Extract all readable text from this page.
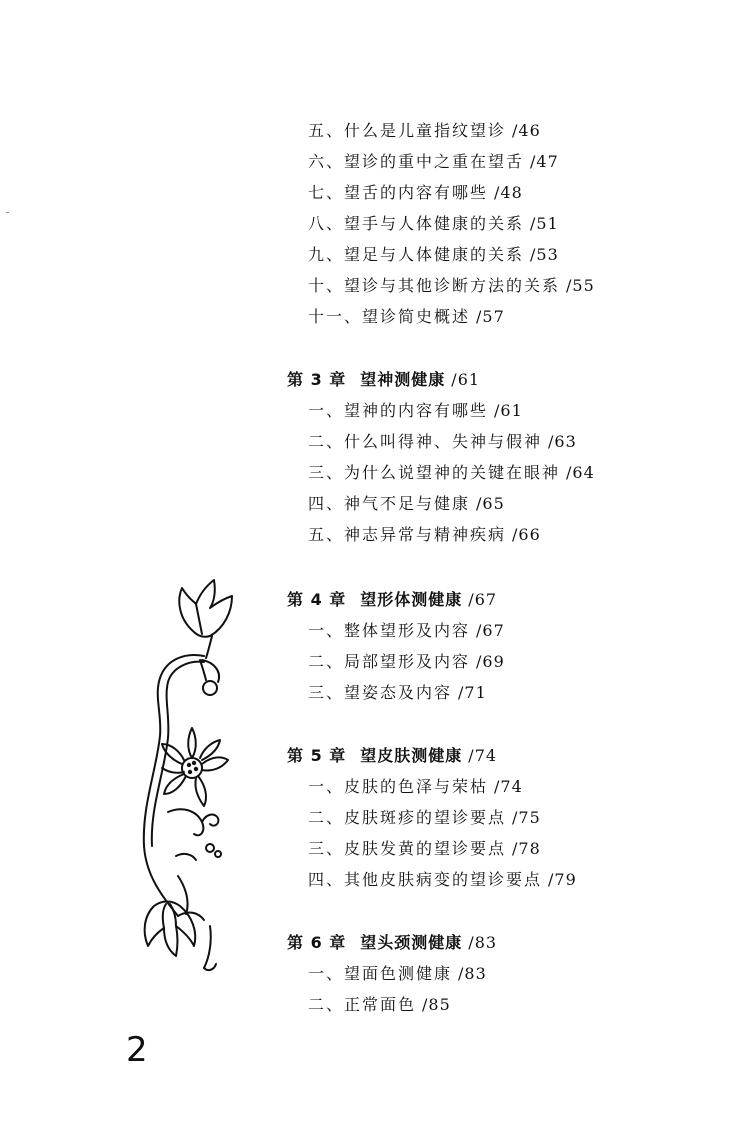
五、什么是儿童指纹望诊 /46
六、望诊的重中之重在望舌 /47
七、望舌的内容有哪些 /48
八、望手与人体健康的关系 /51
九、望足与人体健康的关系 /53
十、望诊与其他诊断方法的关系 /55
十一、望诊简史概述 /57
第 3 章 望神测健康 /61
一、望神的内容有哪些 /61
二、什么叫得神、失神与假神 /63
三、为什么说望神的关键在眼神 /64
四、神气不足与健康 /65
五、神志异常与精神疾病 /66
第 4 章 望形体测健康 /67
一、整体望形及内容 /67
二、局部望形及内容 /69
三、望姿态及内容 /71
第 5 章 望皮肤测健康 /74
一、皮肤的色泽与荣枯 /74
二、皮肤斑疹的望诊要点 /75
三、皮肤发黄的望诊要点 /78
四、其他皮肤病变的望诊要点 /79
第 6 章 望头颈测健康 /83
一、望面色测健康 /83
二、正常面色 /85
2
